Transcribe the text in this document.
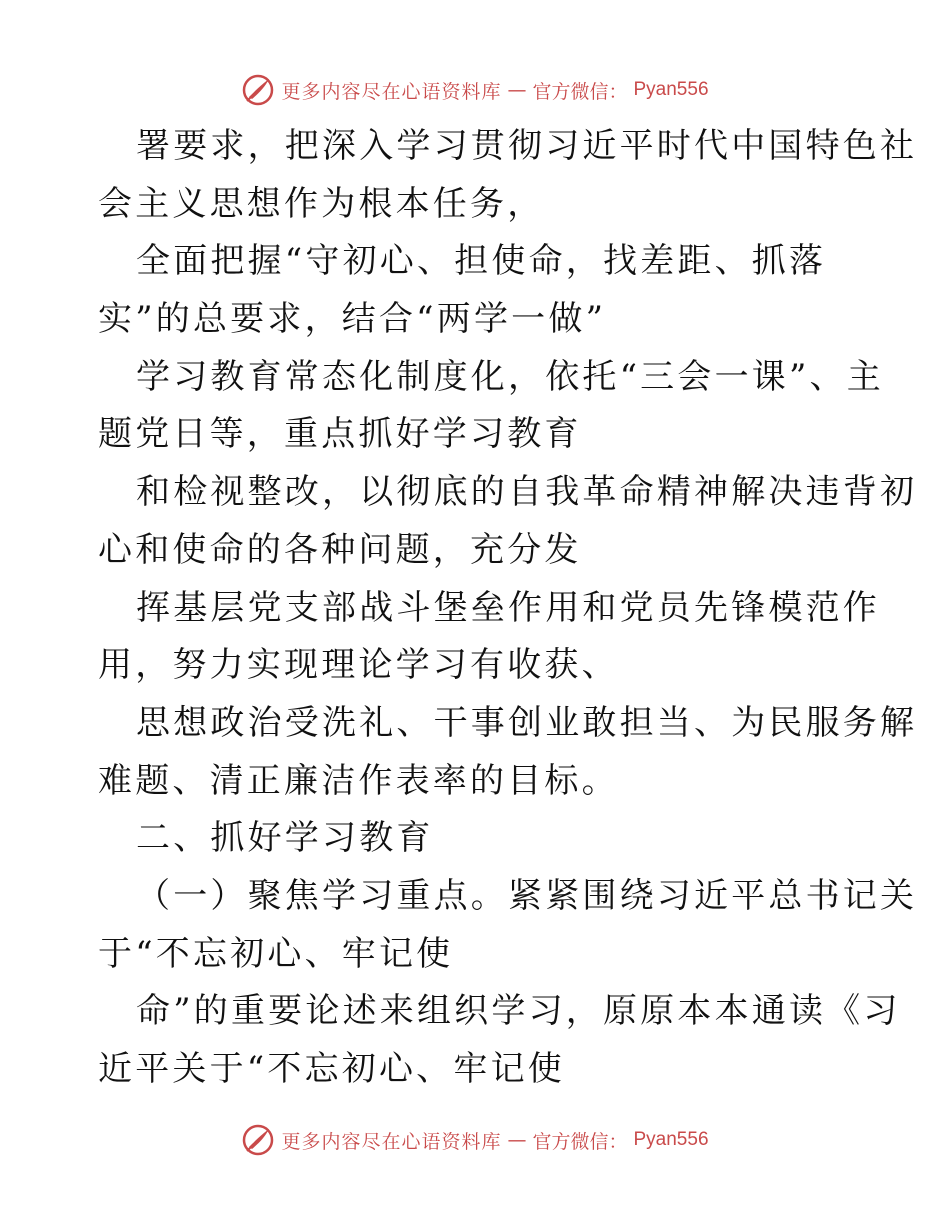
更多内容尽在心语资料库 — 官方微信： Pyan556
署要求，把深入学习贯彻习近平时代中国特色社
会主义思想作为根本任务，
全面把握“守初心、担使命，找差距、抓落
实”的总要求，结合“两学一做”
学习教育常态化制度化，依托“三会一课”、主
题党日等，重点抓好学习教育
和检视整改，以彻底的自我革命精神解决违背初
心和使命的各种问题，充分发
挥基层党支部战斗堡垒作用和党员先锋模范作
用，努力实现理论学习有收获、
思想政治受洗礼、干事创业敢担当、为民服务解
难题、清正廉洁作表率的目标。
二、抓好学习教育
（一）聚焦学习重点。紧紧围绕习近平总书记关
于“不忘初心、牢记使
命”的重要论述来组织学习，原原本本通读《习
近平关于“不忘初心、牢记使
更多内容尽在心语资料库 — 官方微信： Pyan556
